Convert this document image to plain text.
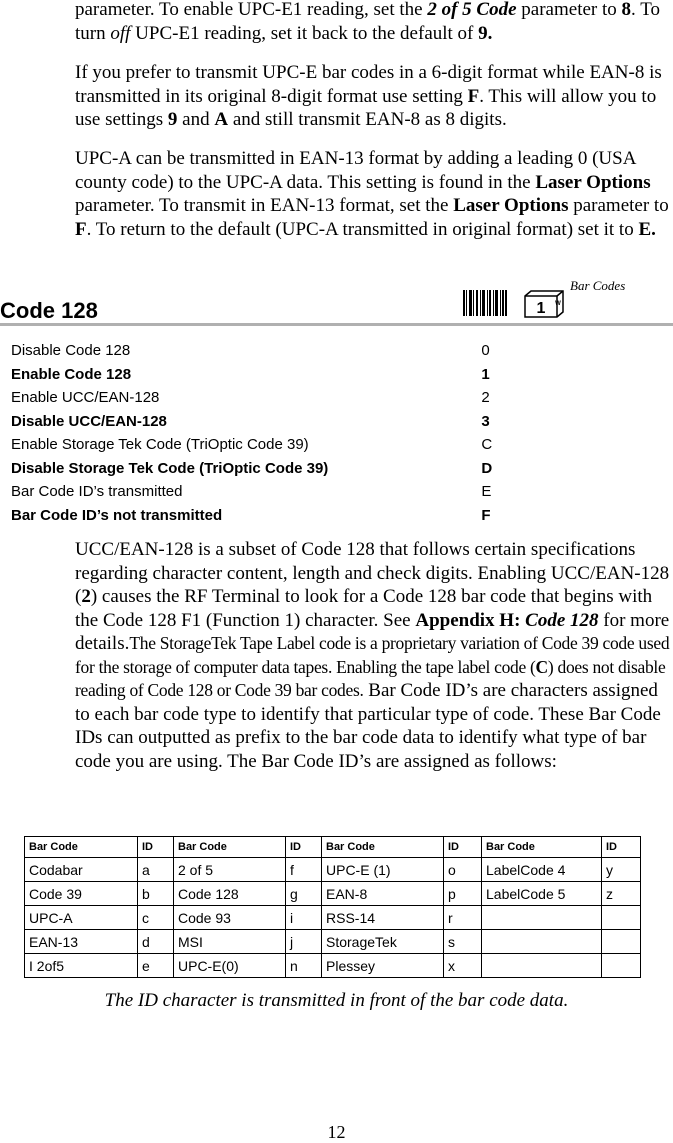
parameter. To enable UPC-E1 reading, set the 2 of 5 Code parameter to 8. To turn off UPC-E1 reading, set it back to the default of 9.
If you prefer to transmit UPC-E bar codes in a 6-digit format while EAN-8 is transmitted in its original 8-digit format use setting F. This will allow you to use settings 9 and A and still transmit EAN-8 as 8 digits.
UPC-A can be transmitted in EAN-13 format by adding a leading 0 (USA county code) to the UPC-A data. This setting is found in the Laser Options parameter. To transmit in EAN-13 format, set the Laser Options parameter to F. To return to the default (UPC-A transmitted in original format) set it to E.
Code 128	1 W
Bar Codes
Disable Code 128	0
Enable Code 128	1
Enable UCC/EAN-128	2
Disable UCC/EAN-128	3
Enable Storage Tek Code (TriOptic Code 39)	C
Disable Storage Tek Code (TriOptic Code 39)	D
Bar Code ID’s transmitted	E
Bar Code ID’s not transmitted	F
UCC/EAN-128 is a subset of Code 128 that follows certain specifications regarding character content, length and check digits. Enabling UCC/EAN-128 (2) causes the RF Terminal to look for a Code 128 bar code that begins with the Code 128 F1 (Function 1) character. See Appendix H: Code 128 for more details.The StorageTek Tape Label code is a proprietary variation of Code 39 code used for the storage of computer data tapes. Enabling the tape label code (C) does not disable reading of Code 128 or Code 39 bar codes. Bar Code ID’s are characters assigned to each bar code type to identify that particular type of code. These Bar Code IDs can outputted as prefix to the bar code data to identify what type of bar code you are using. The Bar Code ID’s are assigned as follows:
Bar Code	ID	Bar Code	ID	Bar Code	ID	Bar Code	ID
Codabar	a	2 of 5	f	UPC-E (1)	o	LabelCode 4	y
Code 39	b	Code 128	g	EAN-8	p	LabelCode 5	z
UPC-A	c	Code 93	i	RSS-14	r		
EAN-13	d	MSI	j	StorageTek	s		
I 2of5	e	UPC-E(0)	n	Plessey	x		
The ID character is transmitted in front of the bar code data.
12
